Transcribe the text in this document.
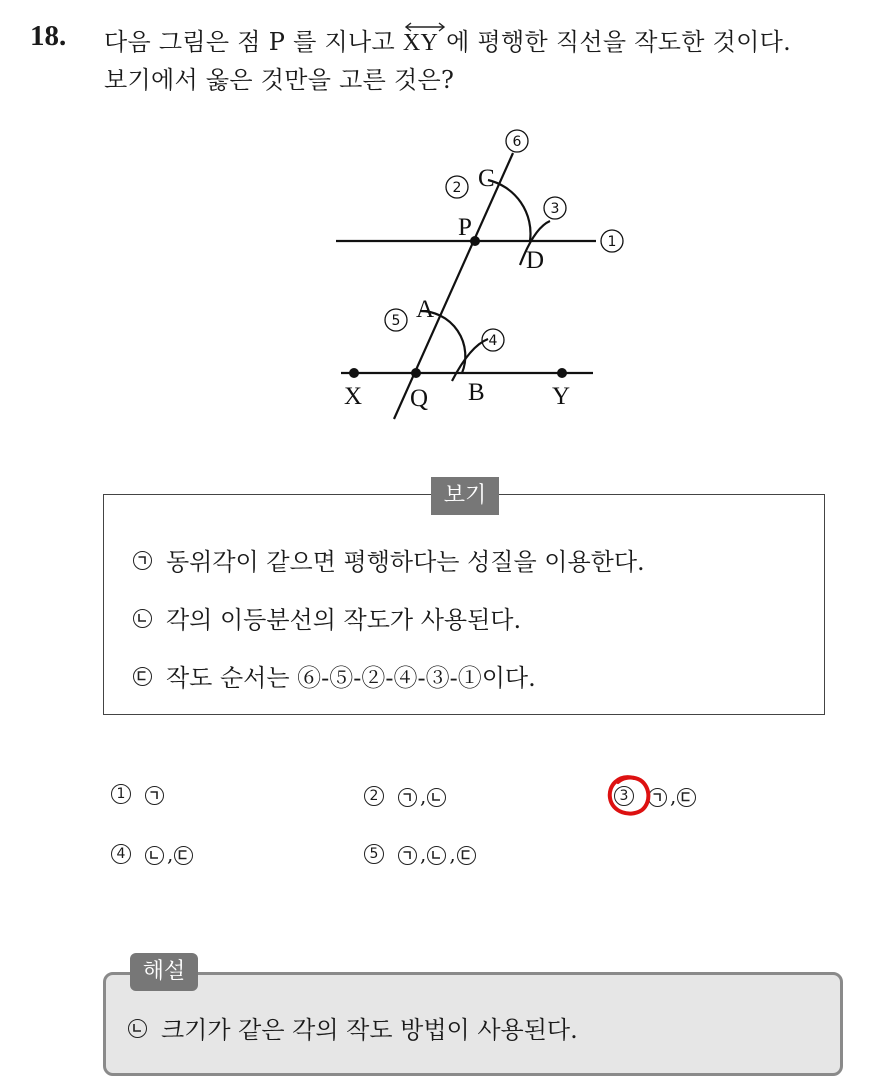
18. 다음 그림은 점 P 를 지나고 XY 에 평행한 직선을 작도한 것이다.
보기에서 옳은 것만을 고른 것은?
X Q B	Y
A
P
C
D
1
2
3
4
5
6
보기
동위각이 같으면 평행하다는 성질을 이용한다.
각의 이등분선의 작도가 사용된다.
작도 순서는 ⑥-⑤-②-④-③-①이다.
1	2 ,	3 ,
4 ,	5 , ,
해설
크기가 같은 각의 작도 방법이 사용된다.
